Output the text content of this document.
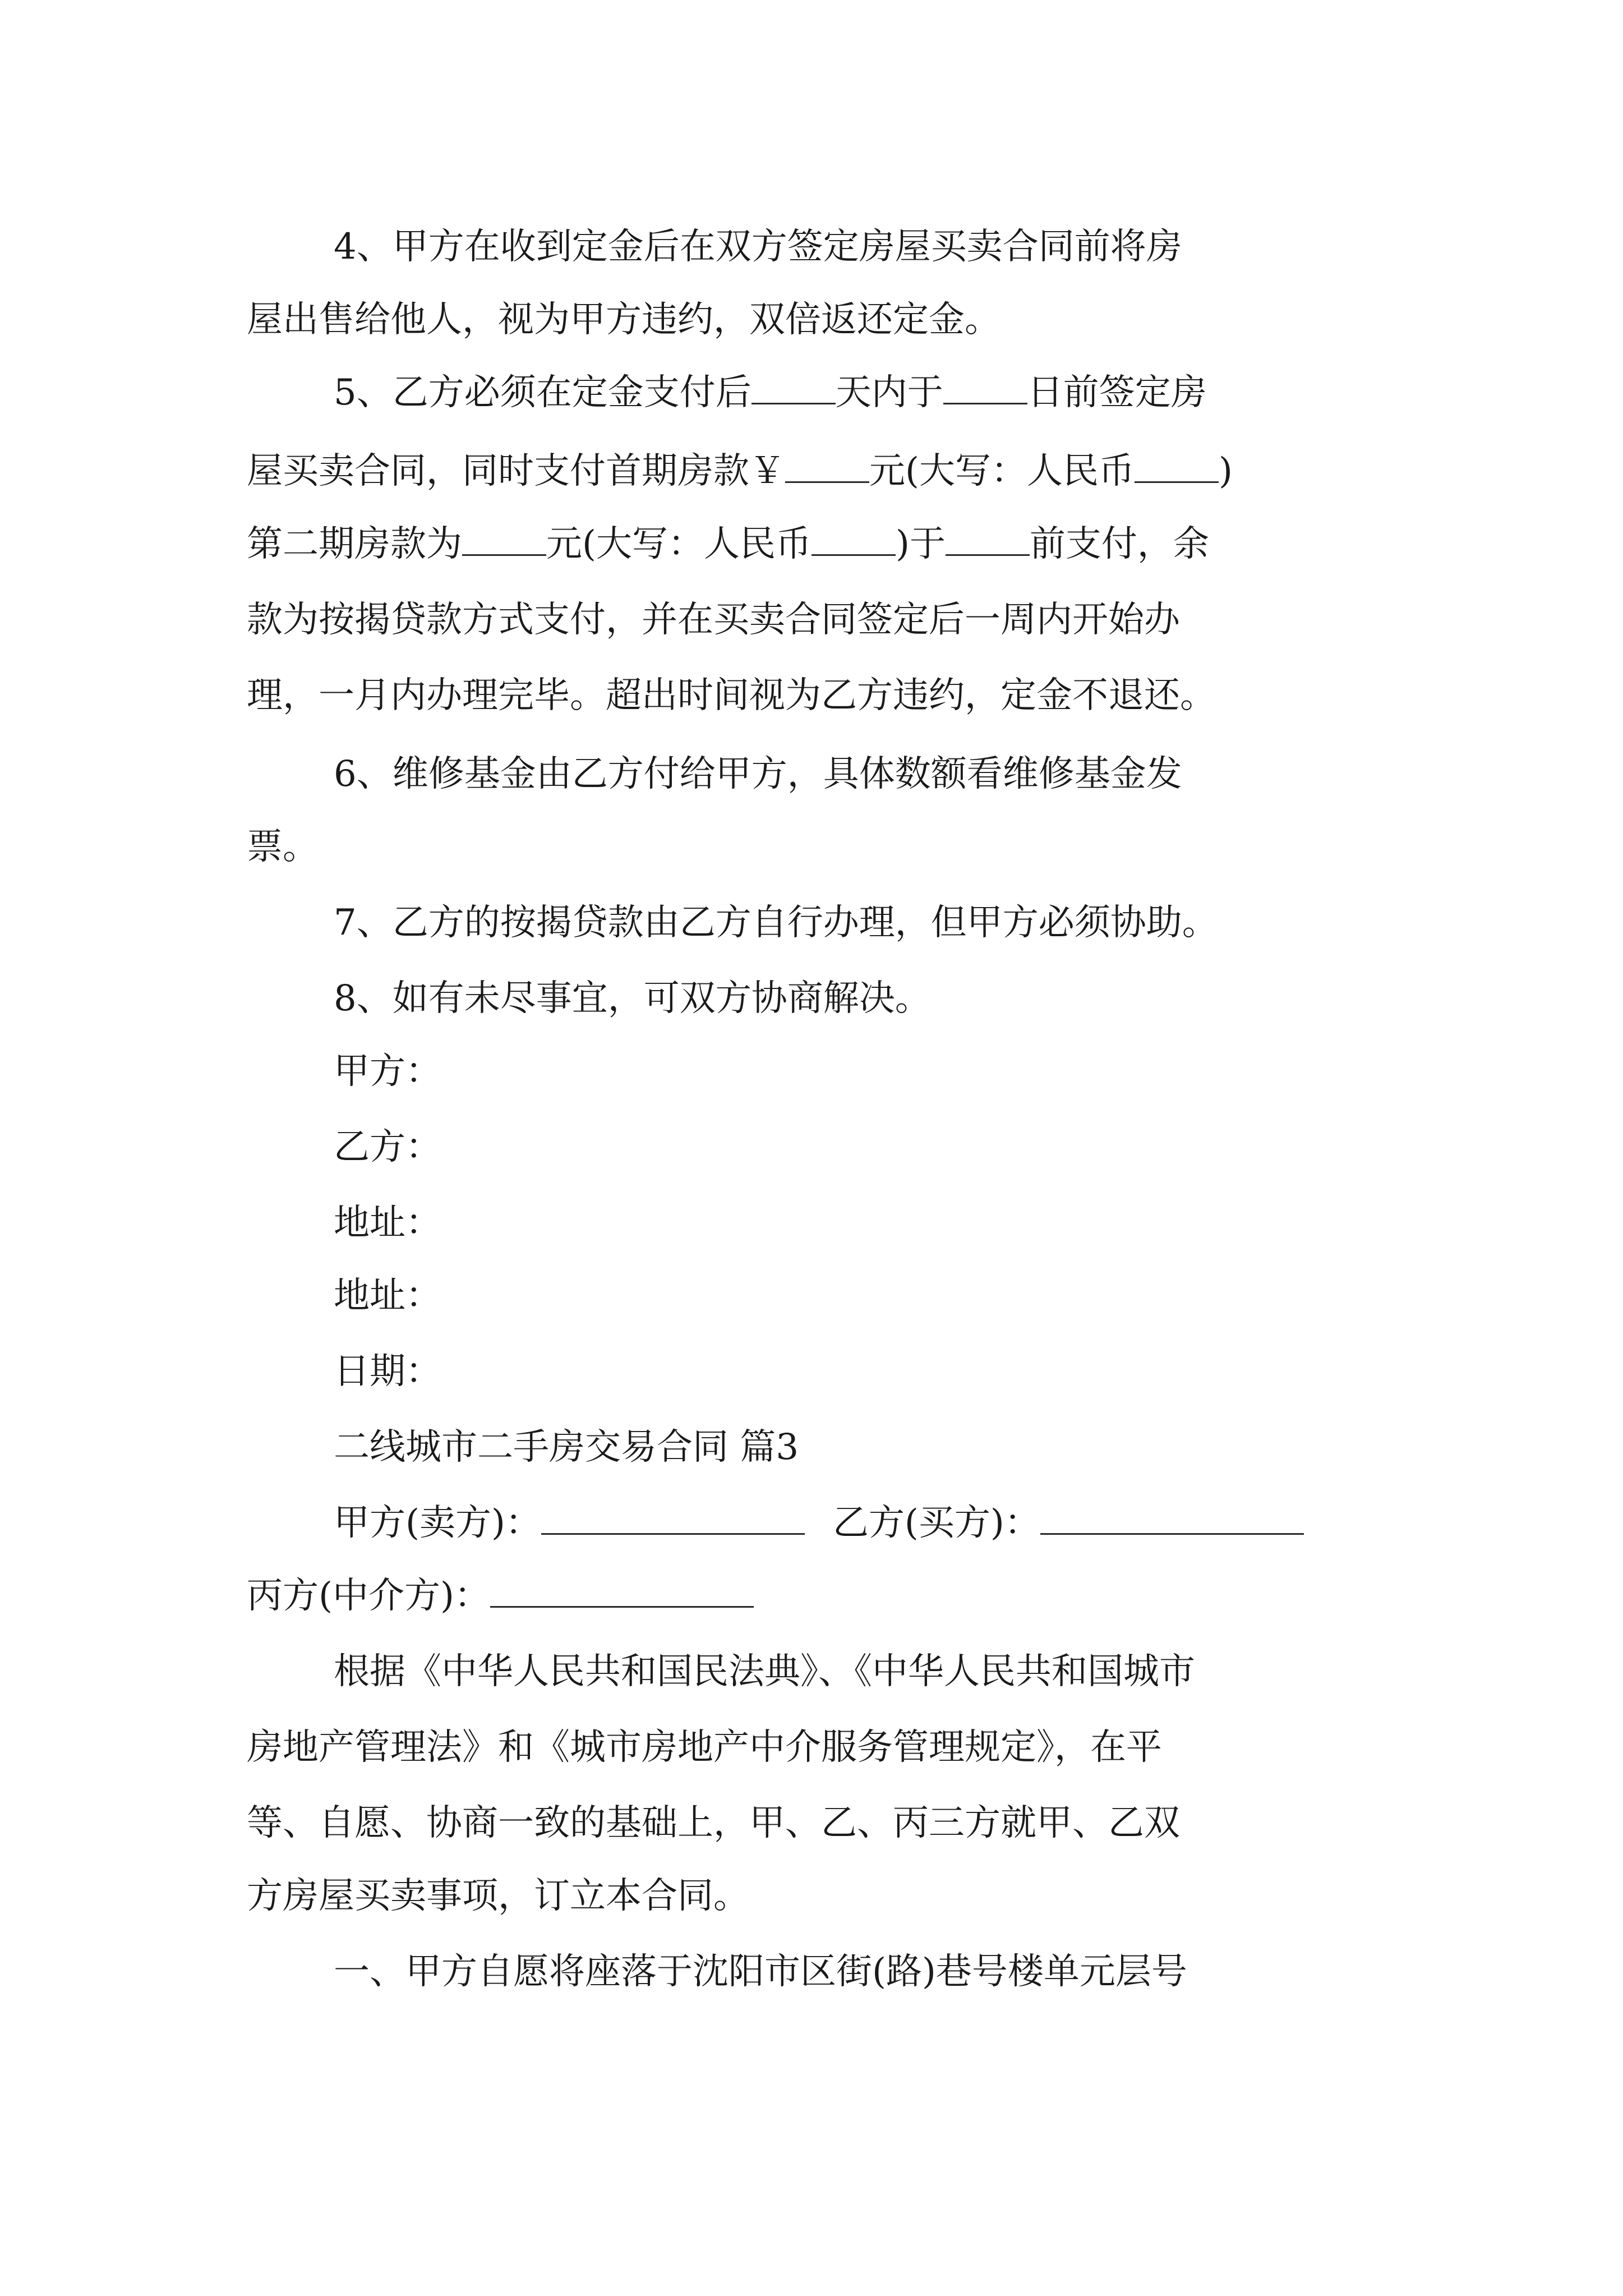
4、甲方在收到定金后在双方签定房屋买卖合同前将房

屋出售给他人，视为甲方违约，双倍返还定金。

5、乙方必须在定金支付后 天内于 日前签定房

屋买卖合同，同时支付首期房款￥ 元(大写：人民币 )

第二期房款为 元(大写：人民币 )于 前支付，余

款为按揭贷款方式支付，并在买卖合同签定后一周内开始办

理，一月内办理完毕。超出时间视为乙方违约，定金不退还。

6、维修基金由乙方付给甲方，具体数额看维修基金发

票。

7、乙方的按揭贷款由乙方自行办理，但甲方必须协助。

8、如有未尽事宜，可双方协商解决。

甲方：

乙方：

地址：

地址：

日期：

二线城市二手房交易合同 篇3

甲方(卖方)：	乙方(买方)：

丙方(中介方)：

根据《中华人民共和国民法典》、《中华人民共和国城市

房地产管理法》和《城市房地产中介服务管理规定》，在平

等、自愿、协商一致的基础上，甲、乙、丙三方就甲、乙双

方房屋买卖事项，订立本合同。

一、甲方自愿将座落于沈阳市区街(路)巷号楼单元层号
